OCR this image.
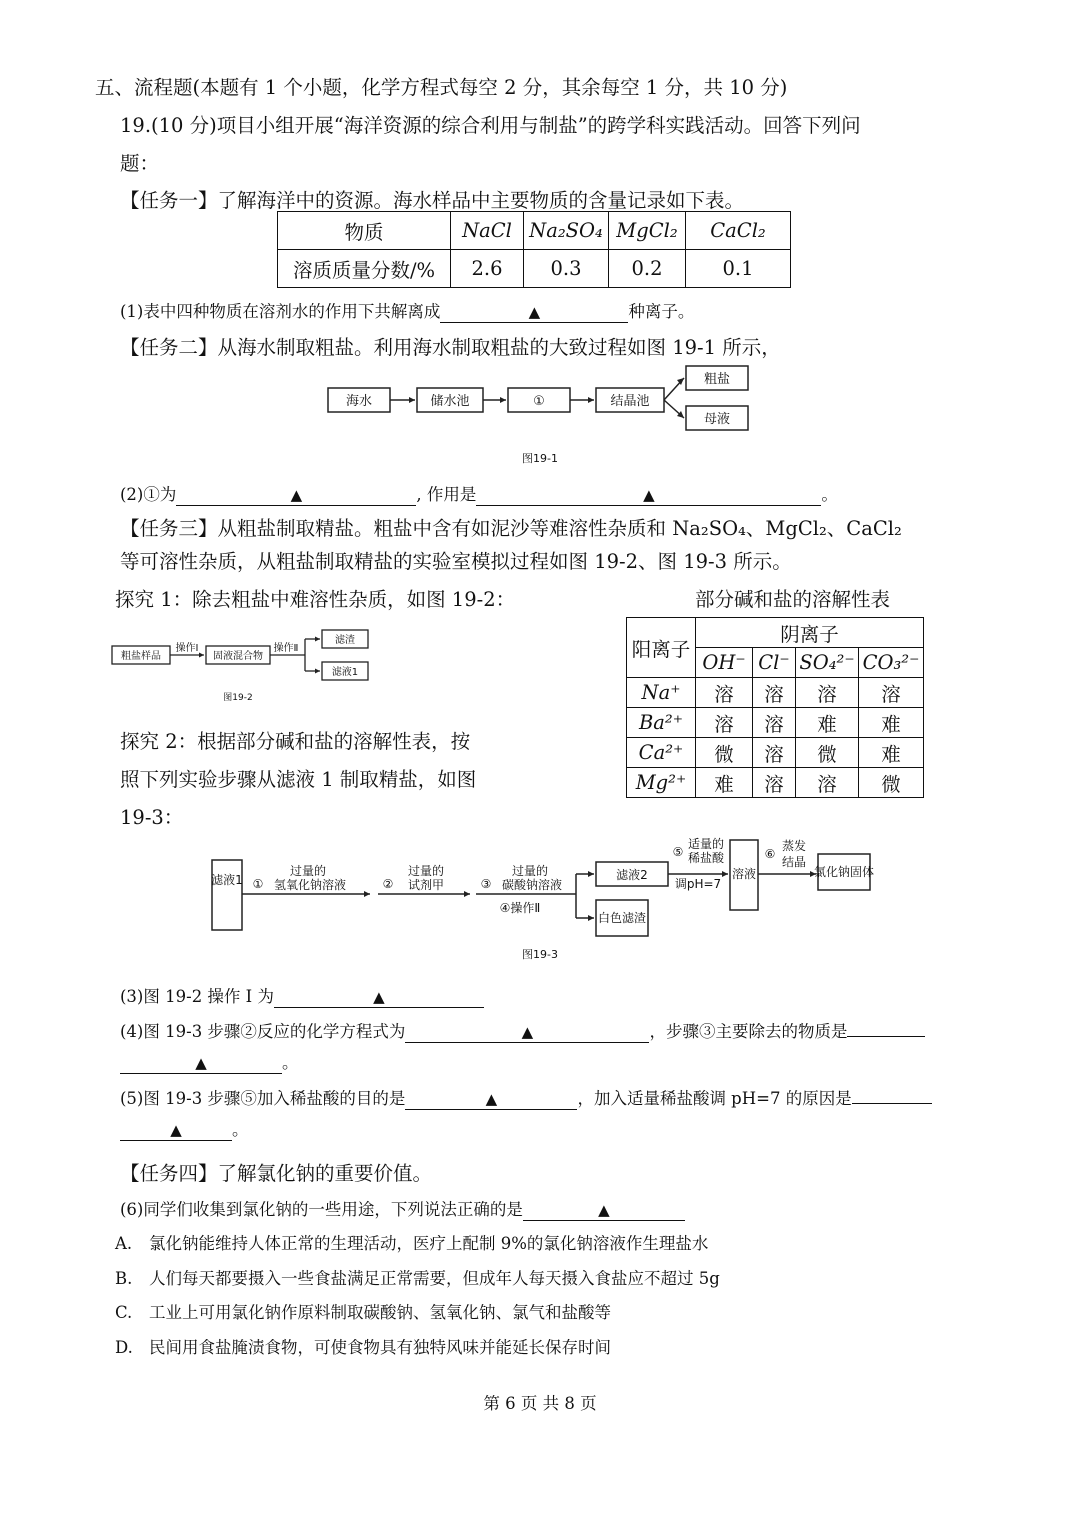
五、流程题(本题有 1 个小题，化学方程式每空 2 分，其余每空 1 分，共 10 分)
19.(10 分)项目小组开展“海洋资源的综合利用与制盐”的跨学科实践活动。回答下列问
题：
【任务一】了解海洋中的资源。海水样品中主要物质的含量记录如下表。
物质	NaCl	Na₂SO₄	MgCl₂	CaCl₂
溶质质量分数/%	2.6	0.3	0.2	0.1
(1)表中四种物质在溶剂水的作用下共解离成	▲	种离子。
【任务二】从海水制取粗盐。利用海水制取粗盐的大致过程如图 19-1 所示，
海水	储水池	①	结晶池
粗盐
母液
图19-1
(2)①为	▲	, 作用是	▲	。
【任务三】从粗盐制取精盐。粗盐中含有如泥沙等难溶性杂质和 Na₂SO₄、MgCl₂、CaCl₂
等可溶性杂质，从粗盐制取精盐的实验室模拟过程如图 19-2、图 19-3 所示。
探究 1：除去粗盐中难溶性杂质，如图 19-2：	部分碱和盐的溶解性表
粗盐样品	固液混合物
滤渣
滤液1
操作Ⅰ	操作Ⅱ
图19-2
阳离子	阴离子			
	OH⁻	Cl⁻	SO₄²⁻	CO₃²⁻
Na⁺	溶	溶	溶	溶
Ba²⁺	溶	溶	难	难
Ca²⁺	微	溶	微	难
Mg²⁺	难	溶	溶	微
探究 2：根据部分碱和盐的溶解性表，按
照下列实验步骤从滤液 1 制取精盐，如图
19-3：
滤液1 ①
过量的
氢氧化钠溶液	②
过量的
试剂甲	③
过量的
碳酸钠溶液
④操作Ⅱ
滤液2
白色滤渣
⑤
适量的
稀盐酸
调pH=7
溶液
⑥
蒸发
结晶
氯化钠固体
图19-3
(3)图 19-2 操作 I 为	▲
(4)图 19-3 步骤②反应的化学方程式为	▲	，步骤③主要除去的物质是
▲	。
(5)图 19-3 步骤⑤加入稀盐酸的目的是	▲	，加入适量稀盐酸调 pH=7 的原因是
▲	。
【任务四】了解氯化钠的重要价值。
(6)同学们收集到氯化钠的一些用途，下列说法正确的是	▲
A. 氯化钠能维持人体正常的生理活动，医疗上配制 9%的氯化钠溶液作生理盐水
B. 人们每天都要摄入一些食盐满足正常需要，但成年人每天摄入食盐应不超过 5g
C. 工业上可用氯化钠作原料制取碳酸钠、氢氧化钠、氯气和盐酸等
D. 民间用食盐腌渍食物，可使食物具有独特风味并能延长保存时间
第 6 页 共 8 页
